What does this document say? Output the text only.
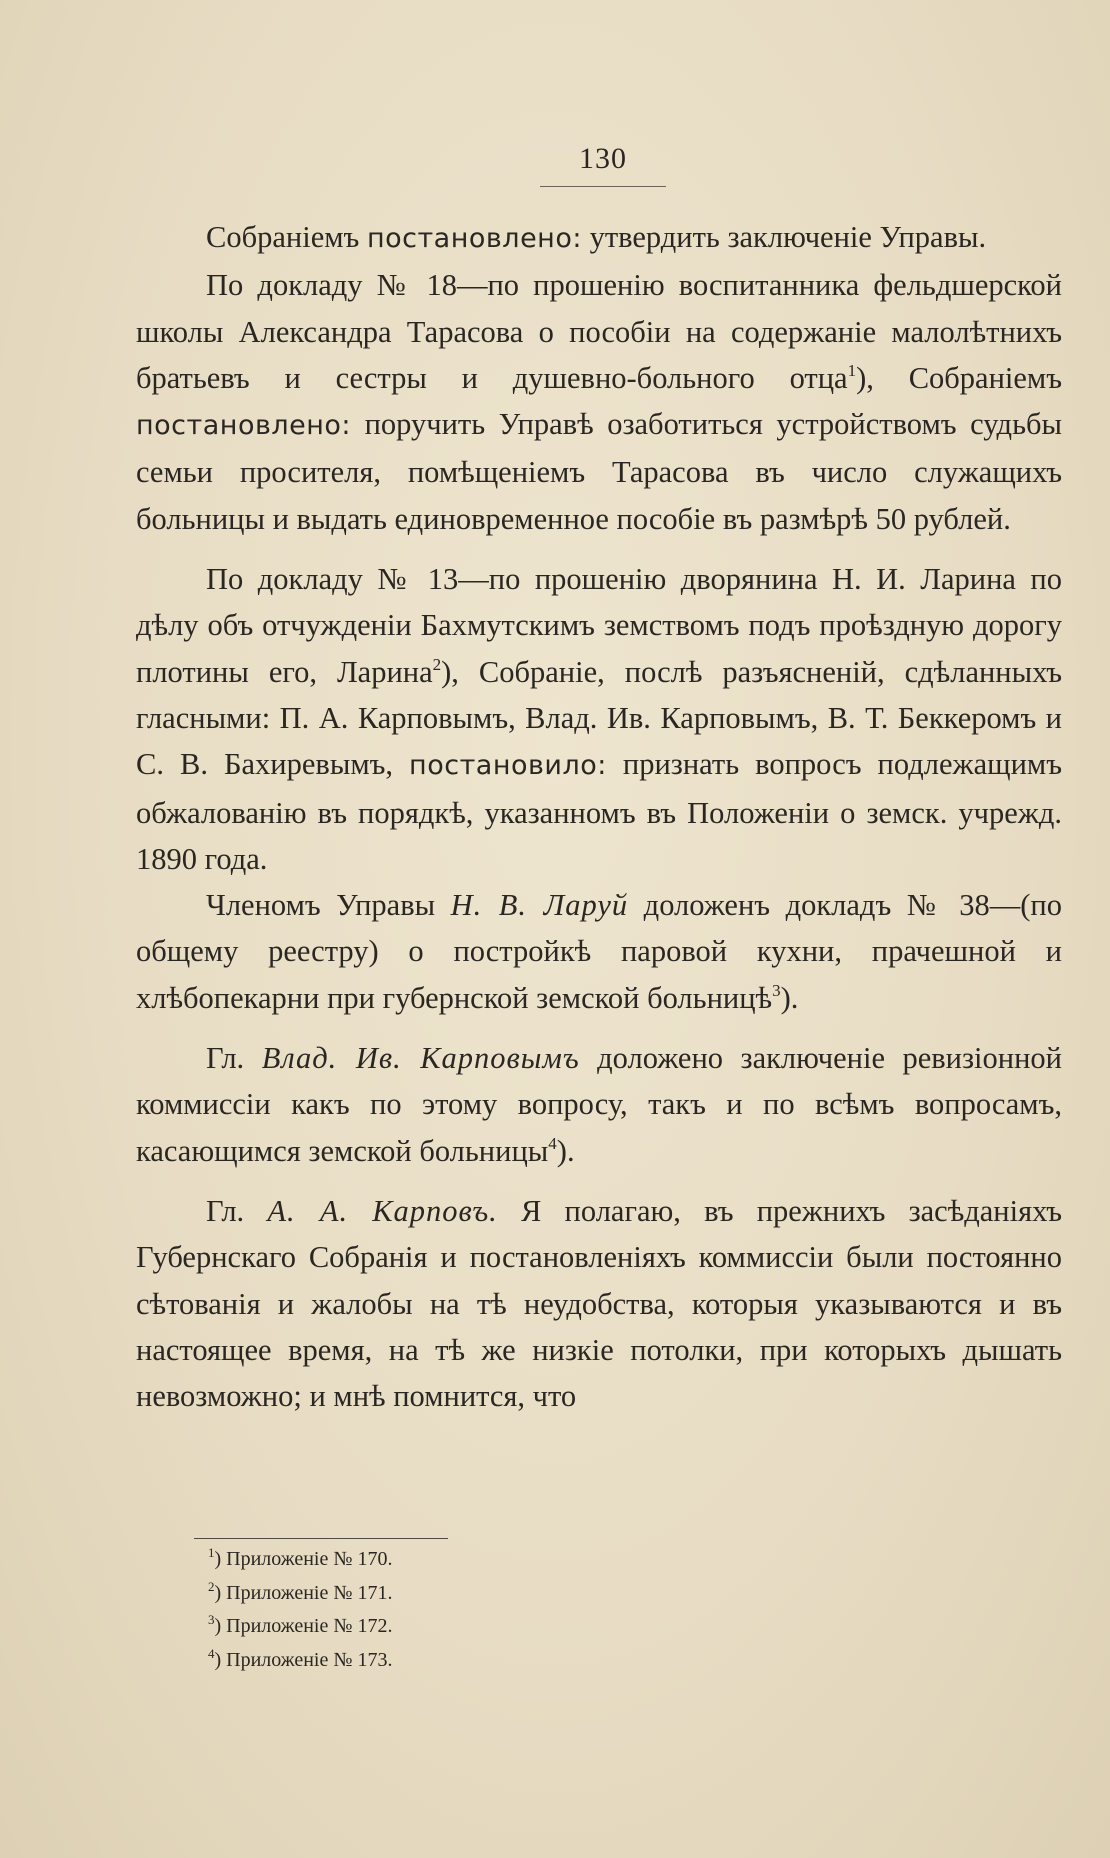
130

Собраніемъ постановлено: утвердить заключеніе Управы.

По докладу № 18—по прошенію воспитанника фельдшерской школы Александра Тарасова о пособіи на содержаніе малолѣтнихъ братьевъ и сестры и душевно-больного отца$^1$), Собраніемъ постановлено: поручить Управѣ озаботиться устройствомъ судьбы семьи просителя, помѣщеніемъ Тарасова въ число служащихъ больницы и выдать единовременное пособіе въ размѣрѣ 50 рублей.

По докладу № 13—по прошенію дворянина Н. И. Ларина по дѣлу объ отчужденіи Бахмутскимъ земствомъ подъ проѣздную дорогу плотины его, Ларина$^2$), Собраніе, послѣ разъясненій, сдѣланныхъ гласными: П. А. Карповымъ, Влад. Ив. Карповымъ, В. Т. Беккеромъ и С. В. Бахиревымъ, постановило: признать вопросъ подлежащимъ обжалованію въ порядкѣ, указанномъ въ Положеніи о земск. учрежд. 1890 года.

Членомъ Управы Н. В. Ларуй доложенъ докладъ № 38—(по общему реестру) о постройкѣ паровой кухни, прачешной и хлѣбопекарни при губернской земской больницѣ$^3$).

Гл. Влад. Ив. Карповымъ доложено заключеніе ревизіонной коммиссіи какъ по этому вопросу, такъ и по всѣмъ вопросамъ, касающимся земской больницы$^4$).

Гл. А. А. Карповъ. Я полагаю, въ прежнихъ засѣданіяхъ Губернскаго Собранія и постановленіяхъ коммиссіи были постоянно сѣтованія и жалобы на тѣ неудобства, которыя указываются и въ настоящее время, на тѣ же низкіе потолки, при которыхъ дышать невозможно; и мнѣ помнится, что

$^1$) Приложеніе № 170.
$^2$) Приложеніе № 171.
$^3$) Приложеніе № 172.
$^4$) Приложеніе № 173.
